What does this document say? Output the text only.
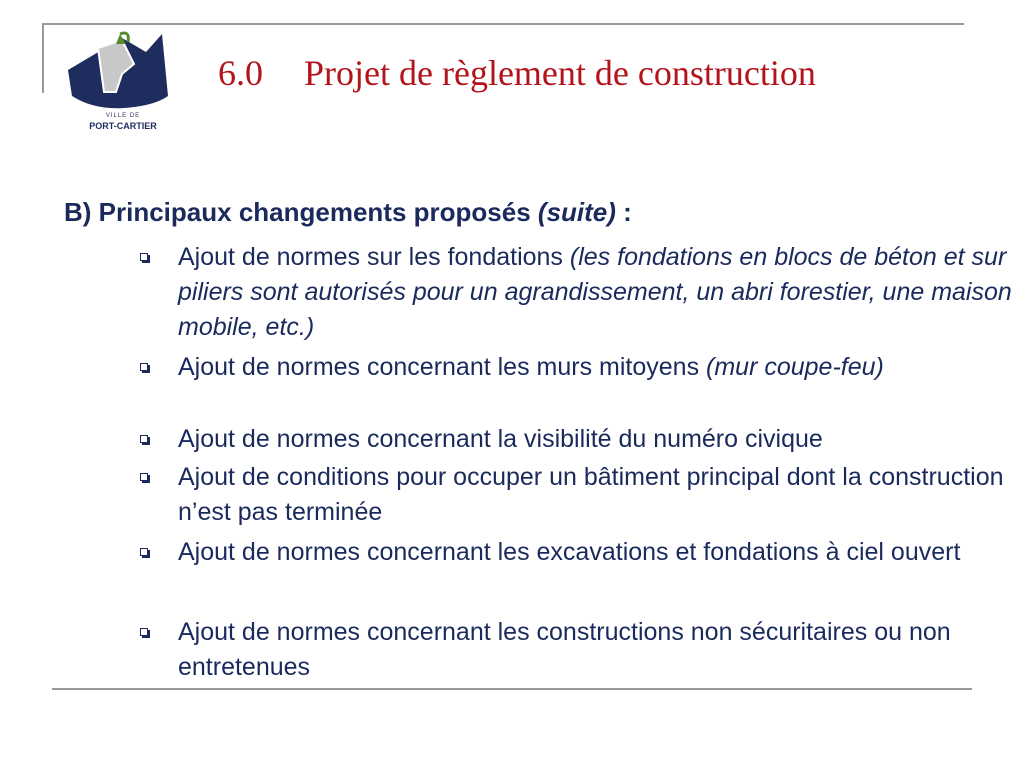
VILLE DE
PORT-CARTIER
6.0 Projet de règlement de construction
B) Principaux changements proposés (suite) :
Ajout de normes sur les fondations (les fondations en blocs de béton et sur piliers sont autorisés pour un agrandissement, un abri forestier, une maison mobile, etc.)
Ajout de normes concernant les murs mitoyens (mur coupe-feu)
Ajout de normes concernant la visibilité du numéro civique
Ajout de conditions pour occuper un bâtiment principal dont la construction n’est pas terminée
Ajout de normes concernant les excavations et fondations à ciel ouvert
Ajout de normes concernant les constructions non sécuritaires ou non entretenues
